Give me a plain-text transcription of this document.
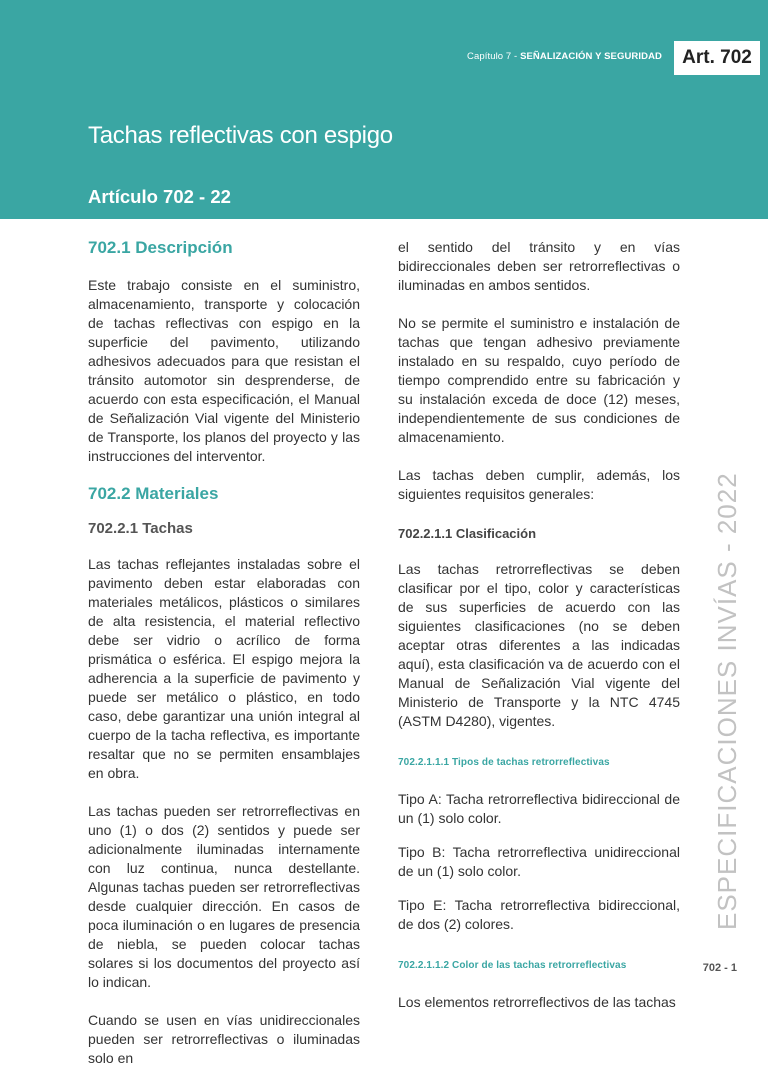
Capítulo 7 - SEÑALIZACIÓN Y SEGURIDAD	Art. 702
Tachas reflectivas con espigo
Artículo 702 - 22
702.1 Descripción

Este trabajo consiste en el suministro, almacenamiento, transporte y colocación de tachas reflectivas con espigo en la superficie del pavimento, utilizando adhesivos adecuados para que resistan el tránsito automotor sin desprenderse, de acuerdo con esta especificación, el Manual de Señalización Vial vigente del Ministerio de Transporte, los planos del proyecto y las instrucciones del interventor.

702.2 Materiales
702.2.1 Tachas

Las tachas reflejantes instaladas sobre el pavimento deben estar elaboradas con materiales metálicos, plásticos o similares de alta resistencia, el material reflectivo debe ser vidrio o acrílico de forma prismática o esférica. El espigo mejora la adherencia a la superficie de pavimento y puede ser metálico o plástico, en todo caso, debe garantizar una unión integral al cuerpo de la tacha reflectiva, es importante resaltar que no se permiten ensamblajes en obra.

Las tachas pueden ser retrorreflectivas en uno (1) o dos (2) sentidos y puede ser adicionalmente iluminadas internamente con luz continua, nunca destellante. Algunas tachas pueden ser retrorreflectivas desde cualquier dirección. En casos de poca iluminación o en lugares de presencia de niebla, se pueden colocar tachas solares si los documentos del proyecto así lo indican.

Cuando se usen en vías unidireccionales pueden ser retrorreflectivas o iluminadas solo en

el sentido del tránsito y en vías bidireccionales deben ser retrorreflectivas o iluminadas en ambos sentidos.

No se permite el suministro e instalación de tachas que tengan adhesivo previamente instalado en su respaldo, cuyo período de tiempo comprendido entre su fabricación y su instalación exceda de doce (12) meses, independientemente de sus condiciones de almacenamiento.

Las tachas deben cumplir, además, los siguientes requisitos generales:

702.2.1.1 Clasificación

Las tachas retrorreflectivas se deben clasificar por el tipo, color y características de sus superficies de acuerdo con las siguientes clasificaciones (no se deben aceptar otras diferentes a las indicadas aquí), esta clasificación va de acuerdo con el Manual de Señalización Vial vigente del Ministerio de Transporte y la NTC 4745 (ASTM D4280), vigentes.

702.2.1.1.1 Tipos de tachas retrorreflectivas

Tipo A: Tacha retrorreflectiva bidireccional de un (1) solo color.

Tipo B: Tacha retrorreflectiva unidireccional de un (1) solo color.

Tipo E: Tacha retrorreflectiva bidireccional, de dos (2) colores.

702.2.1.1.2 Color de las tachas retrorreflectivas

Los elementos retrorreflectivos de las tachas

ESPECIFICACIONES INVÍAS - 2022
702 - 1
